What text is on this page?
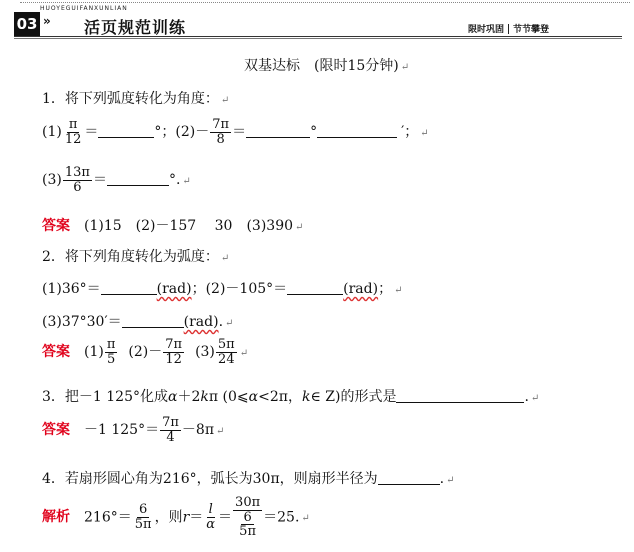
HUOYEGUIFANXUNLIAN
03 » 活页规范训练	限时巩固 节节攀登
双基达标　(限时15分钟) ↵
1．将下列弧度转化为角度： ↵
$(1) \frac{\pi}{12}$ ＝	°；$(2)- \frac{7\pi}{8}$ ＝	°	′； ↵
$(3) \frac{13\pi}{6}$ ＝	°. ↵
答案 (1)15　(2)－157　 30　(3)390 ↵
2．将下列角度转化为弧度： ↵
(1)36°＝	(rad)；(2)－105°＝	(rad)； ↵
(3)37°30′＝	(rad). ↵
答案 $(1) \frac{\pi}{5} (2)- \frac{7\pi}{12} (3) \frac{5\pi}{24}$ ↵
3．把－1 125°化成α＋2kπ (0⩽α<2π，k∈ Z)的形式是	. ↵
答案 －1 $125^\circ= \frac{7\pi}{4} -8\pi$ ↵
4．若扇形圆心角为216°，弧长为30π，则扇形半径为	. ↵
解析 $216^\circ= \frac{6}{5\pi}$ ，则$r= \frac{l}{\alpha} = \frac{30\pi}{\frac{6}{5\pi}} =25$. ↵
